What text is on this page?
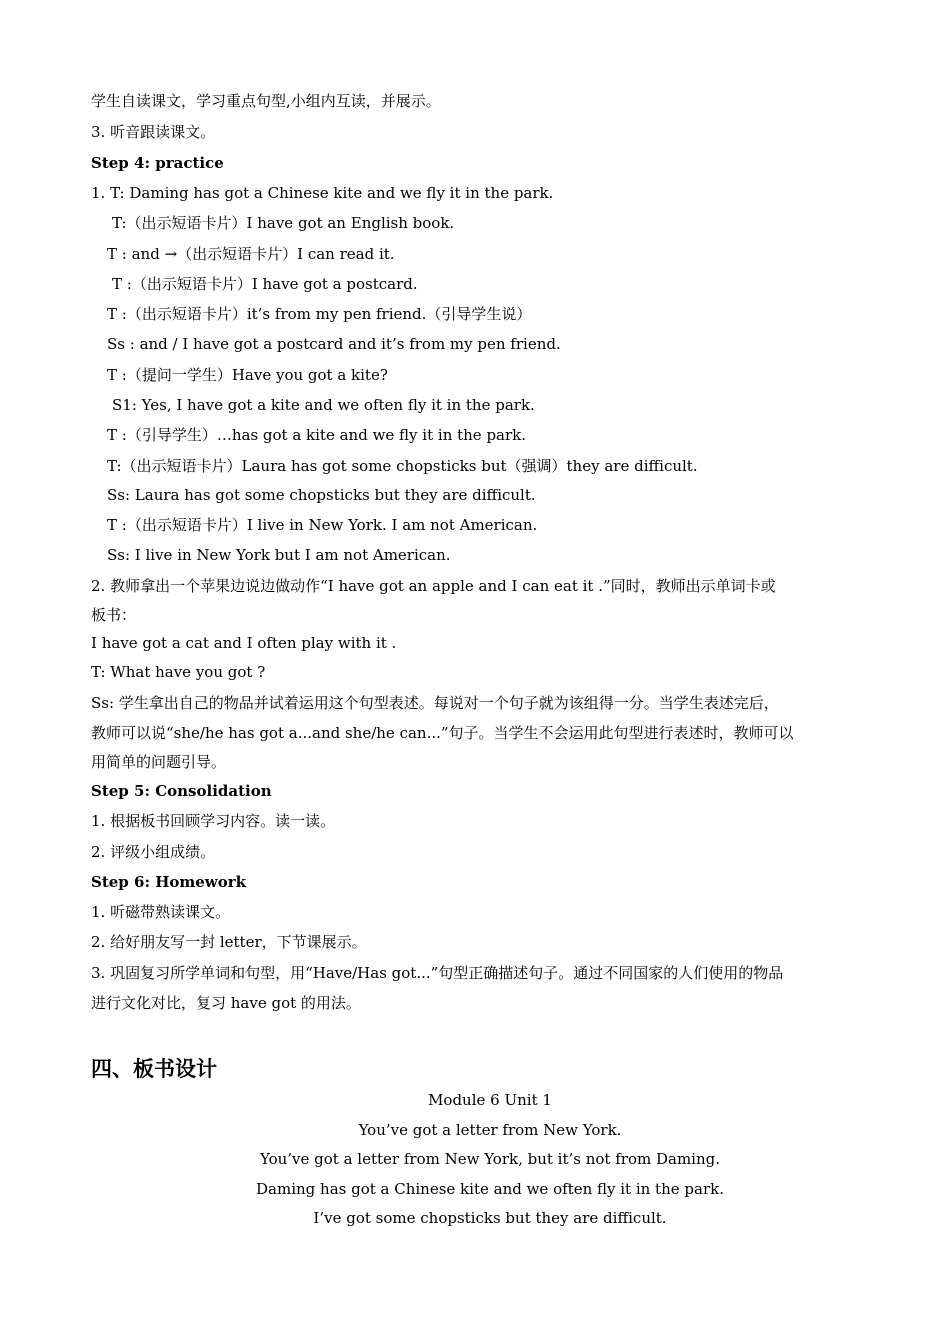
学生自读课文，学习重点句型,小组内互读，并展示。
3. 听音跟读课文。
Step 4: practice
1. T: Daming has got a Chinese kite and we fly it in the park.
T:（出示短语卡片）I have got an English book.
T : and →（出示短语卡片）I can read it.
T :（出示短语卡片）I have got a postcard.
T :（出示短语卡片）it’s from my pen friend.（引导学生说）
Ss : and / I have got a postcard and it’s from my pen friend.
T :（提问一学生）Have you got a kite?
S1: Yes, I have got a kite and we often fly it in the park.
T :（引导学生）…has got a kite and we fly it in the park.
T:（出示短语卡片）Laura has got some chopsticks but（强调）they are difficult.
Ss: Laura has got some chopsticks but they are difficult.
T :（出示短语卡片）I live in New York. I am not American.
Ss: I live in New York but I am not American.
2. 教师拿出一个苹果边说边做动作“I have got an apple and I can eat it .”同时，教师出示单词卡或
板书：
I have got a cat and I often play with it .
T: What have you got ?
Ss: 学生拿出自己的物品并试着运用这个句型表述。每说对一个句子就为该组得一分。当学生表述完后，
教师可以说“she/he has got a...and she/he can...”句子。当学生不会运用此句型进行表述时，教师可以
用简单的问题引导。
Step 5: Consolidation
1. 根据板书回顾学习内容。读一读。
2. 评级小组成绩。
Step 6: Homework
1. 听磁带熟读课文。
2. 给好朋友写一封 letter，下节课展示。
3. 巩固复习所学单词和句型，用“Have/Has got...”句型正确描述句子。通过不同国家的人们使用的物品
进行文化对比，复习 have got 的用法。
四、板书设计
Module 6 Unit 1
You’ve got a letter from New York.
You’ve got a letter from New York, but it’s not from Daming.
Daming has got a Chinese kite and we often fly it in the park.
I’ve got some chopsticks but they are difficult.
